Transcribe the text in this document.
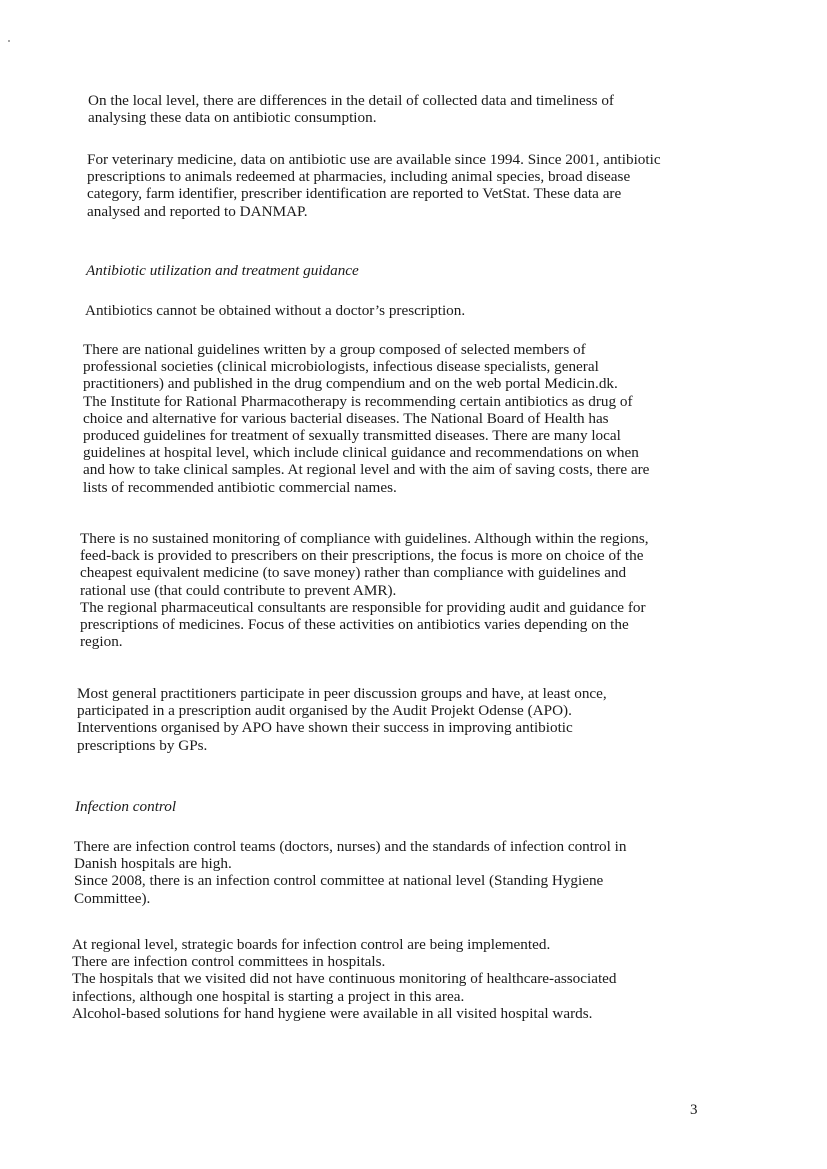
On the local level, there are differences in the detail of collected data and timeliness of
analysing these data on antibiotic consumption.
For veterinary medicine, data on antibiotic use are available since 1994. Since 2001, antibiotic
prescriptions to animals redeemed at pharmacies, including animal species, broad disease
category, farm identifier, prescriber identification are reported to VetStat. These data are
analysed and reported to DANMAP.
Antibiotic utilization and treatment guidance
Antibiotics cannot be obtained without a doctor’s prescription.
There are national guidelines written by a group composed of selected members of
professional societies (clinical microbiologists, infectious disease specialists, general
practitioners) and published in the drug compendium and on the web portal Medicin.dk.
The Institute for Rational Pharmacotherapy is recommending certain antibiotics as drug of
choice and alternative for various bacterial diseases. The National Board of Health has
produced guidelines for treatment of sexually transmitted diseases. There are many local
guidelines at hospital level, which include clinical guidance and recommendations on when
and how to take clinical samples. At regional level and with the aim of saving costs, there are
lists of recommended antibiotic commercial names.
There is no sustained monitoring of compliance with guidelines. Although within the regions,
feed-back is provided to prescribers on their prescriptions, the focus is more on choice of the
cheapest equivalent medicine (to save money) rather than compliance with guidelines and
rational use (that could contribute to prevent AMR).
The regional pharmaceutical consultants are responsible for providing audit and guidance for
prescriptions of medicines. Focus of these activities on antibiotics varies depending on the
region.
Most general practitioners participate in peer discussion groups and have, at least once,
participated in a prescription audit organised by the Audit Projekt Odense (APO).
Interventions organised by APO have shown their success in improving antibiotic
prescriptions by GPs.
Infection control
There are infection control teams (doctors, nurses) and the standards of infection control in
Danish hospitals are high.
Since 2008, there is an infection control committee at national level (Standing Hygiene
Committee).
At regional level, strategic boards for infection control are being implemented.
There are infection control committees in hospitals.
The hospitals that we visited did not have continuous monitoring of healthcare-associated
infections, although one hospital is starting a project in this area.
Alcohol-based solutions for hand hygiene were available in all visited hospital wards.
3
